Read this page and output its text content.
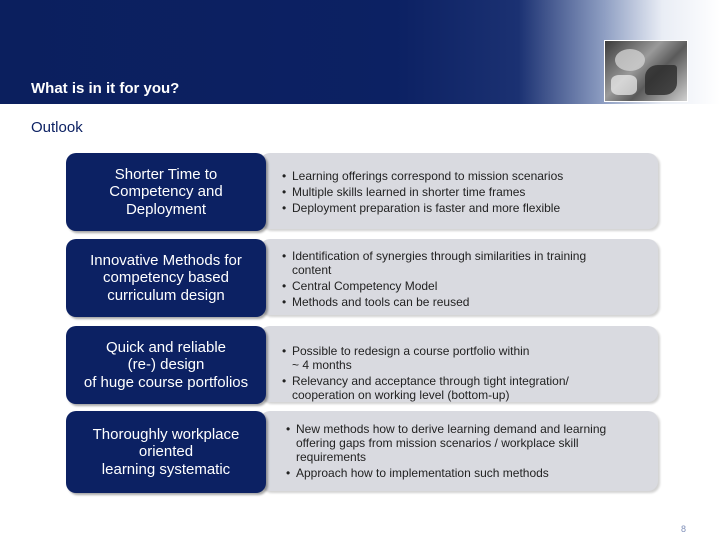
What is in it for you?
Outlook
Shorter Time to
Competency and
Deployment
• Learning offerings correspond to mission scenarios
• Multiple skills learned in shorter time frames
• Deployment preparation is faster and more flexible
Innovative Methods for
competency based
curriculum design
• Identification of synergies through similarities in training
content
• Central Competency Model
• Methods and tools can be reused
Quick and reliable
(re-) design
of huge course portfolios
• Possible to redesign a course portfolio within
~ 4 months
• Relevancy and acceptance through tight integration/
cooperation on working level (bottom-up)
Thoroughly workplace
oriented
learning systematic
• New methods how to derive learning demand and learning
offering gaps from mission scenarios / workplace skill
requirements
• Approach how to implementation such methods
8
